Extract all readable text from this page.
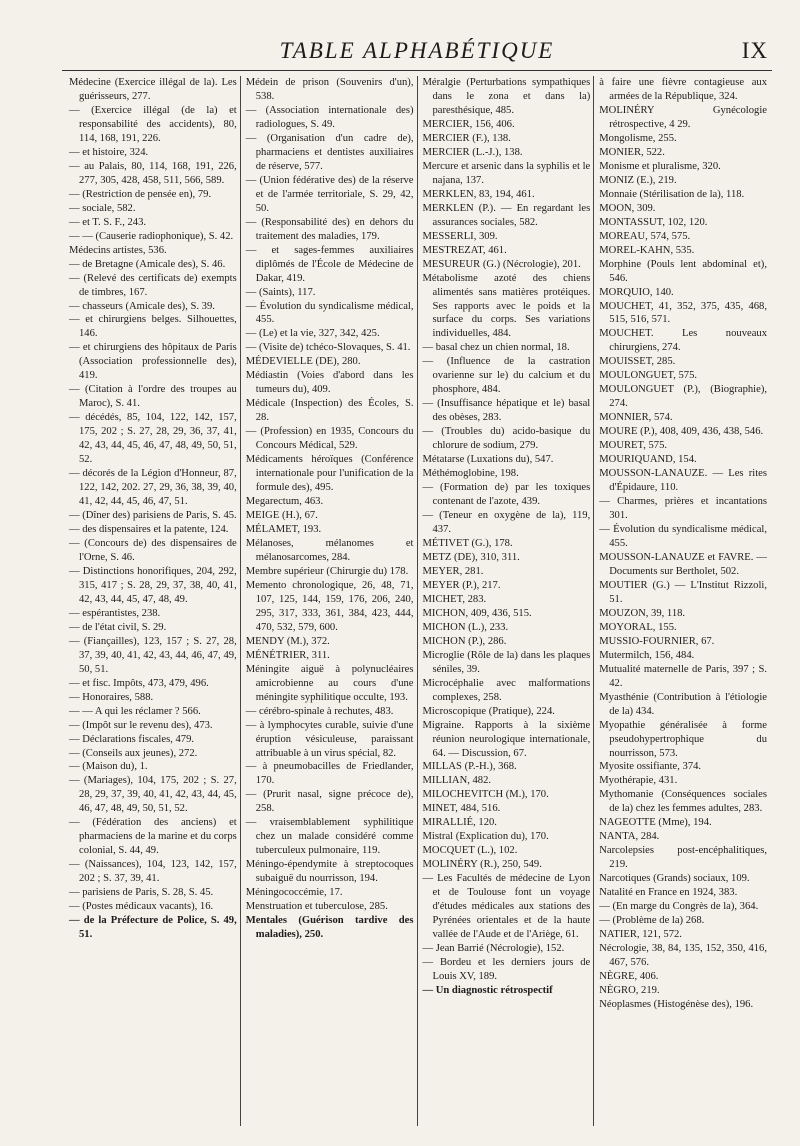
TABLE ALPHABÉTIQUE	IX

Médecine (Exercice illégal de la). Les guérisseurs, 277.

— (Exercice illégal (de la) et responsabilité des accidents), 80, 114, 168, 191, 226.

— et histoire, 324.

— au Palais, 80, 114, 168, 191, 226, 277, 305, 428, 458, 511, 566, 589.

— (Restriction de pensée en), 79.

— sociale, 582.

— et T. S. F., 243.

— — (Causerie radiophonique), S. 42.

Médecins artistes, 536.

— de Bretagne (Amicale des), S. 46.

— (Relevé des certificats de) exempts de timbres, 167.

— chasseurs (Amicale des), S. 39.

— et chirurgiens belges. Silhouettes, 146.

— et chirurgiens des hôpitaux de Paris (Association professionnelle des), 419.

— (Citation à l'ordre des troupes au Maroc), S. 41.

— décédés, 85, 104, 122, 142, 157, 175, 202 ; S. 27, 28, 29, 36, 37, 41, 42, 43, 44, 45, 46, 47, 48, 49, 50, 51, 52.

— décorés de la Légion d'Honneur, 87, 122, 142, 202. 27, 29, 36, 38, 39, 40, 41, 42, 44, 45, 46, 47, 51.

— (Dîner des) parisiens de Paris, S. 45.

— des dispensaires et la patente, 124.

— (Concours de) des dispensaires de l'Orne, S. 46.

— Distinctions honorifiques, 204, 292, 315, 417 ; S. 28, 29, 37, 38, 40, 41, 42, 43, 44, 45, 47, 48, 49.

— espérantistes, 238.

— de l'état civil, S. 29.

— (Fiançailles), 123, 157 ; S. 27, 28, 37, 39, 40, 41, 42, 43, 44, 46, 47, 49, 50, 51.

— et fisc. Impôts, 473, 479, 496.

— Honoraires, 588.

— — A qui les réclamer ? 566.

— (Impôt sur le revenu des), 473.

— Déclarations fiscales, 479.

— (Conseils aux jeunes), 272.

— (Maison du), 1.

— (Mariages), 104, 175, 202 ; S. 27, 28, 29, 37, 39, 40, 41, 42, 43, 44, 45, 46, 47, 48, 49, 50, 51, 52.

— (Fédération des anciens) et pharmaciens de la marine et du corps colonial, S. 44, 49.

— (Naissances), 104, 123, 142, 157, 202 ; S. 37, 39, 41.

— parisiens de Paris, S. 28, S. 45.

— (Postes médicaux vacants), 16.

— de la Préfecture de Police, S. 49, 51.

Médein de prison (Souvenirs d'un), 538.

— (Association internationale des) radiologues, S. 49.

— (Organisation d'un cadre de), pharmaciens et dentistes auxiliaires de réserve, 577.

— (Union fédérative des) de la réserve et de l'armée territoriale, S. 29, 42, 50.

— (Responsabilité des) en dehors du traitement des maladies, 179.

— et sages-femmes auxiliaires diplômés de l'École de Médecine de Dakar, 419.

— (Saints), 117.

— Évolution du syndicalisme médical, 455.

— (Le) et la vie, 327, 342, 425.

— (Visite de) tchéco-Slovaques, S. 41.

MÉDEVIELLE (DE), 280.

Médiastin (Voies d'abord dans les tumeurs du), 409.

Médicale (Inspection) des Écoles, S. 28.

— (Profession) en 1935, Concours du Concours Médical, 529.

Médicaments héroïques (Conférence internationale pour l'unification de la formule des), 495.

Megarectum, 463.

MEIGE (H.), 67.

MÉLAMET, 193.

Mélanoses, mélanomes et mélanosarcomes, 284.

Membre supérieur (Chirurgie du) 178.

Memento chronologique, 26, 48, 71, 107, 125, 144, 159, 176, 206, 240, 295, 317, 333, 361, 384, 423, 444, 470, 532, 579, 600.

MENDY (M.), 372.

MÉNÉTRIER, 311.

Méningite aiguë à polynucléaires amicrobienne au cours d'une méningite syphilitique occulte, 193.

— cérébro-spinale à rechutes, 483.

— à lymphocytes curable, suivie d'une éruption vésiculeuse, paraissant attribuable à un virus spécial, 82.

— à pneumobacilles de Friedlander, 170.

— (Prurit nasal, signe précoce de), 258.

— vraisemblablement syphilitique chez un malade considéré comme tuberculeux pulmonaire, 119.

Méningo-épendymite à streptocoques subaiguë du nourrisson, 194.

Méningococcémie, 17.

Menstruation et tuberculose, 285.

Mentales (Guérison tardive des maladies), 250.

Méralgie (Perturbations sympathiques dans le zona et dans la) paresthésique, 485.

MERCIER, 156, 406.

MERCIER (F.), 138.

MERCIER (L.-J.), 138.

Mercure et arsenic dans la syphilis et le najana, 137.

MERKLEN, 83, 194, 461.

MERKLEN (P.). — En regardant les assurances sociales, 582.

MESSERLI, 309.

MESTREZAT, 461.

MESUREUR (G.) (Nécrologie), 201.

Métabolisme azoté des chiens alimentés sans matières protéiques. Ses rapports avec le poids et la surface du corps. Ses variations individuelles, 484.

— basal chez un chien normal, 18.

— (Influence de la castration ovarienne sur le) du calcium et du phosphore, 484.

— (Insuffisance hépatique et le) basal des obèses, 283.

— (Troubles du) acido-basique du chlorure de sodium, 279.

Métatarse (Luxations du), 547.

Méthémoglobine, 198.

— (Formation de) par les toxiques contenant de l'azote, 439.

— (Teneur en oxygène de la), 119, 437.

MÉTIVET (G.), 178.

METZ (DE), 310, 311.

MEYER, 281.

MEYER (P.), 217.

MICHET, 283.

MICHON, 409, 436, 515.

MICHON (L.), 233.

MICHON (P.), 286.

Microglie (Rôle de la) dans les plaques séniles, 39.

Microcéphalie avec malformations complexes, 258.

Microscopique (Pratique), 224.

Migraine. Rapports à la sixième réunion neurologique internationale, 64. — Discussion, 67.

MILLAS (P.-H.), 368.

MILLIAN, 482.

MILOCHEVITCH (M.), 170.

MINET, 484, 516.

MIRALLIÉ, 120.

Mistral (Explication du), 170.

MOCQUET (L.), 102.

MOLINÉRY (R.), 250, 549.

— Les Facultés de médecine de Lyon et de Toulouse font un voyage d'études médicales aux stations des Pyrénées orientales et de la haute vallée de l'Aude et de l'Ariège, 61.

— Jean Barrié (Nécrologie), 152.

— Bordeu et les derniers jours de Louis XV, 189.

— Un diagnostic rétrospectif

à faire une fièvre contagieuse aux armées de la République, 324.

MOLINÉRY Gynécologie rétrospective, 4 29.

Mongolisme, 255.

MONIER, 522.

Monisme et pluralisme, 320.

MONIZ (E.), 219.

Monnaie (Stérilisation de la), 118.

MOON, 309.

MONTASSUT, 102, 120.

MOREAU, 574, 575.

MOREL-KAHN, 535.

Morphine (Pouls lent abdominal et), 546.

MORQUIO, 140.

MOUCHET, 41, 352, 375, 435, 468, 515, 516, 571.

MOUCHET. Les nouveaux chirurgiens, 274.

MOUISSET, 285.

MOULONGUET, 575.

MOULONGUET (P.), (Biographie), 274.

MONNIER, 574.

MOURE (P.), 408, 409, 436, 438, 546.

MOURET, 575.

MOURIQUAND, 154.

MOUSSON-LANAUZE. — Les rites d'Épidaure, 110.

— Charmes, prières et incantations 301.

— Évolution du syndicalisme médical, 455.

MOUSSON-LANAUZE et FAVRE. — Documents sur Bertholet, 502.

MOUTIER (G.) — L'Institut Rizzoli, 51.

MOUZON, 39, 118.

MOYORAL, 155.

MUSSIO-FOURNIER, 67.

Mutermilch, 156, 484.

Mutualité maternelle de Paris, 397 ; S. 42.

Myasthénie (Contribution à l'étiologie de la) 434.

Myopathie généralisée à forme pseudohypertrophique du nourrisson, 573.

Myosite ossifiante, 374.

Myothérapie, 431.

Mythomanie (Conséquences sociales de la) chez les femmes adultes, 283.

NAGEOTTE (Mme), 194.

NANTA, 284.

Narcolepsies post-encéphalitiques, 219.

Narcotiques (Grands) sociaux, 109.

Natalité en France en 1924, 383.

— (En marge du Congrès de la), 364.

— (Problème de la) 268.

NATIER, 121, 572.

Nécrologie, 38, 84, 135, 152, 350, 416, 467, 576.

NÈGRE, 406.

NÈGRO, 219.

Néoplasmes (Histogénèse des), 196.
